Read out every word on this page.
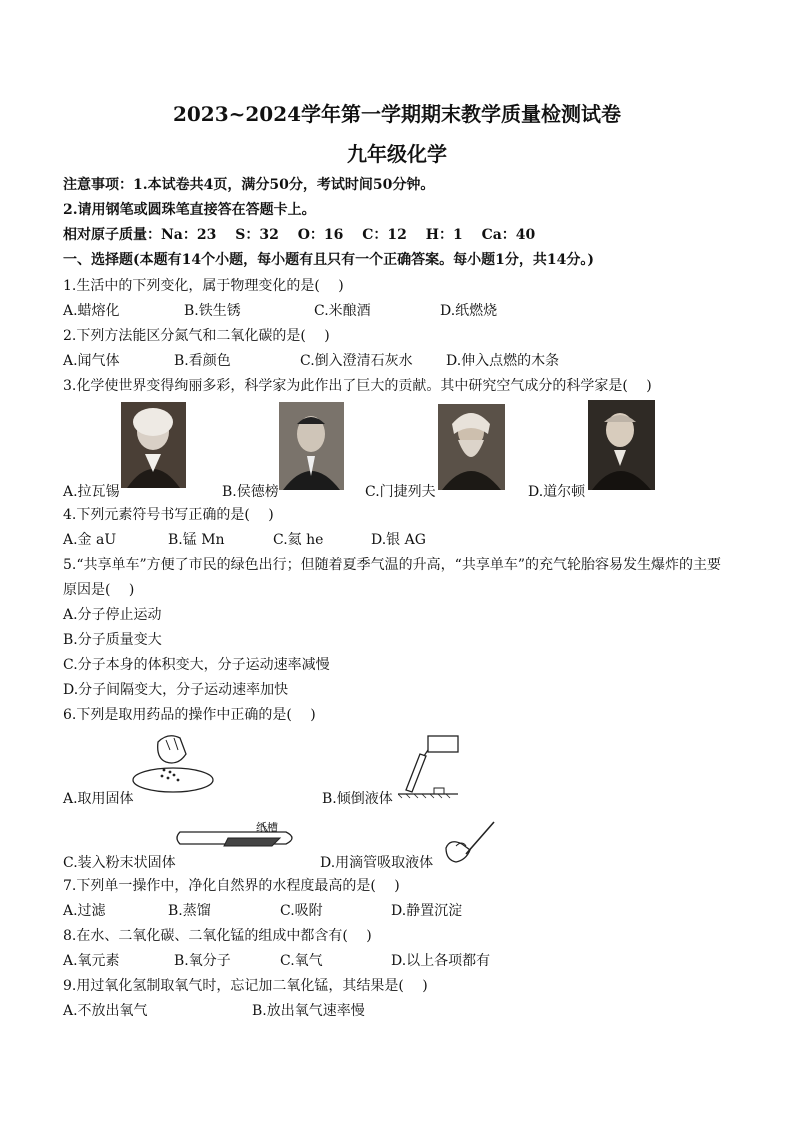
2023~2024学年第一学期期末教学质量检测试卷
九年级化学
注意事项：1.本试卷共4页，满分50分，考试时间50分钟。
2.请用钢笔或圆珠笔直接答在答题卡上。
相对原子质量：Na：23　 S：32　 O：16　 C：12　 H：1　 Ca：40
一、选择题(本题有14个小题，每小题有且只有一个正确答案。每小题1分，共14分。)
1.生活中的下列变化，属于物理变化的是(　 )
A.蜡熔化	B.铁生锈	C.米酿酒	D.纸燃烧
2.下列方法能区分氮气和二氧化碳的是(　 )
A.闻气体	B.看颜色	C.倒入澄清石灰水 D.伸入点燃的木条
3.化学使世界变得绚丽多彩，科学家为此作出了巨大的贡献。其中研究空气成分的科学家是(　 )
A.拉瓦锡	B.侯德榜	C.门捷列夫	D.道尔顿
4.下列元素符号书写正确的是(　 )
A.金 aU	B.锰 Mn	C.氦 he	D.银 AG
5.“共享单车”方便了市民的绿色出行；但随着夏季气温的升高，“共享单车”的充气轮胎容易发生爆炸的主要
原因是(　 )
A.分子停止运动
B.分子质量变大
C.分子本身的体积变大，分子运动速率减慢
D.分子间隔变大，分子运动速率加快
6.下列是取用药品的操作中正确的是(　 )
A.取用固体	B.倾倒液体
纸槽
C.装入粉末状固体	D.用滴管吸取液体
7.下列单一操作中，净化自然界的水程度最高的是(　 )
A.过滤	B.蒸馏	C.吸附	D.静置沉淀
8.在水、二氧化碳、二氧化锰的组成中都含有(　 )
A.氧元素	B.氧分子	C.氧气	D.以上各项都有
9.用过氧化氢制取氧气时，忘记加二氧化锰，其结果是(　 )
A.不放出氧气	B.放出氧气速率慢
